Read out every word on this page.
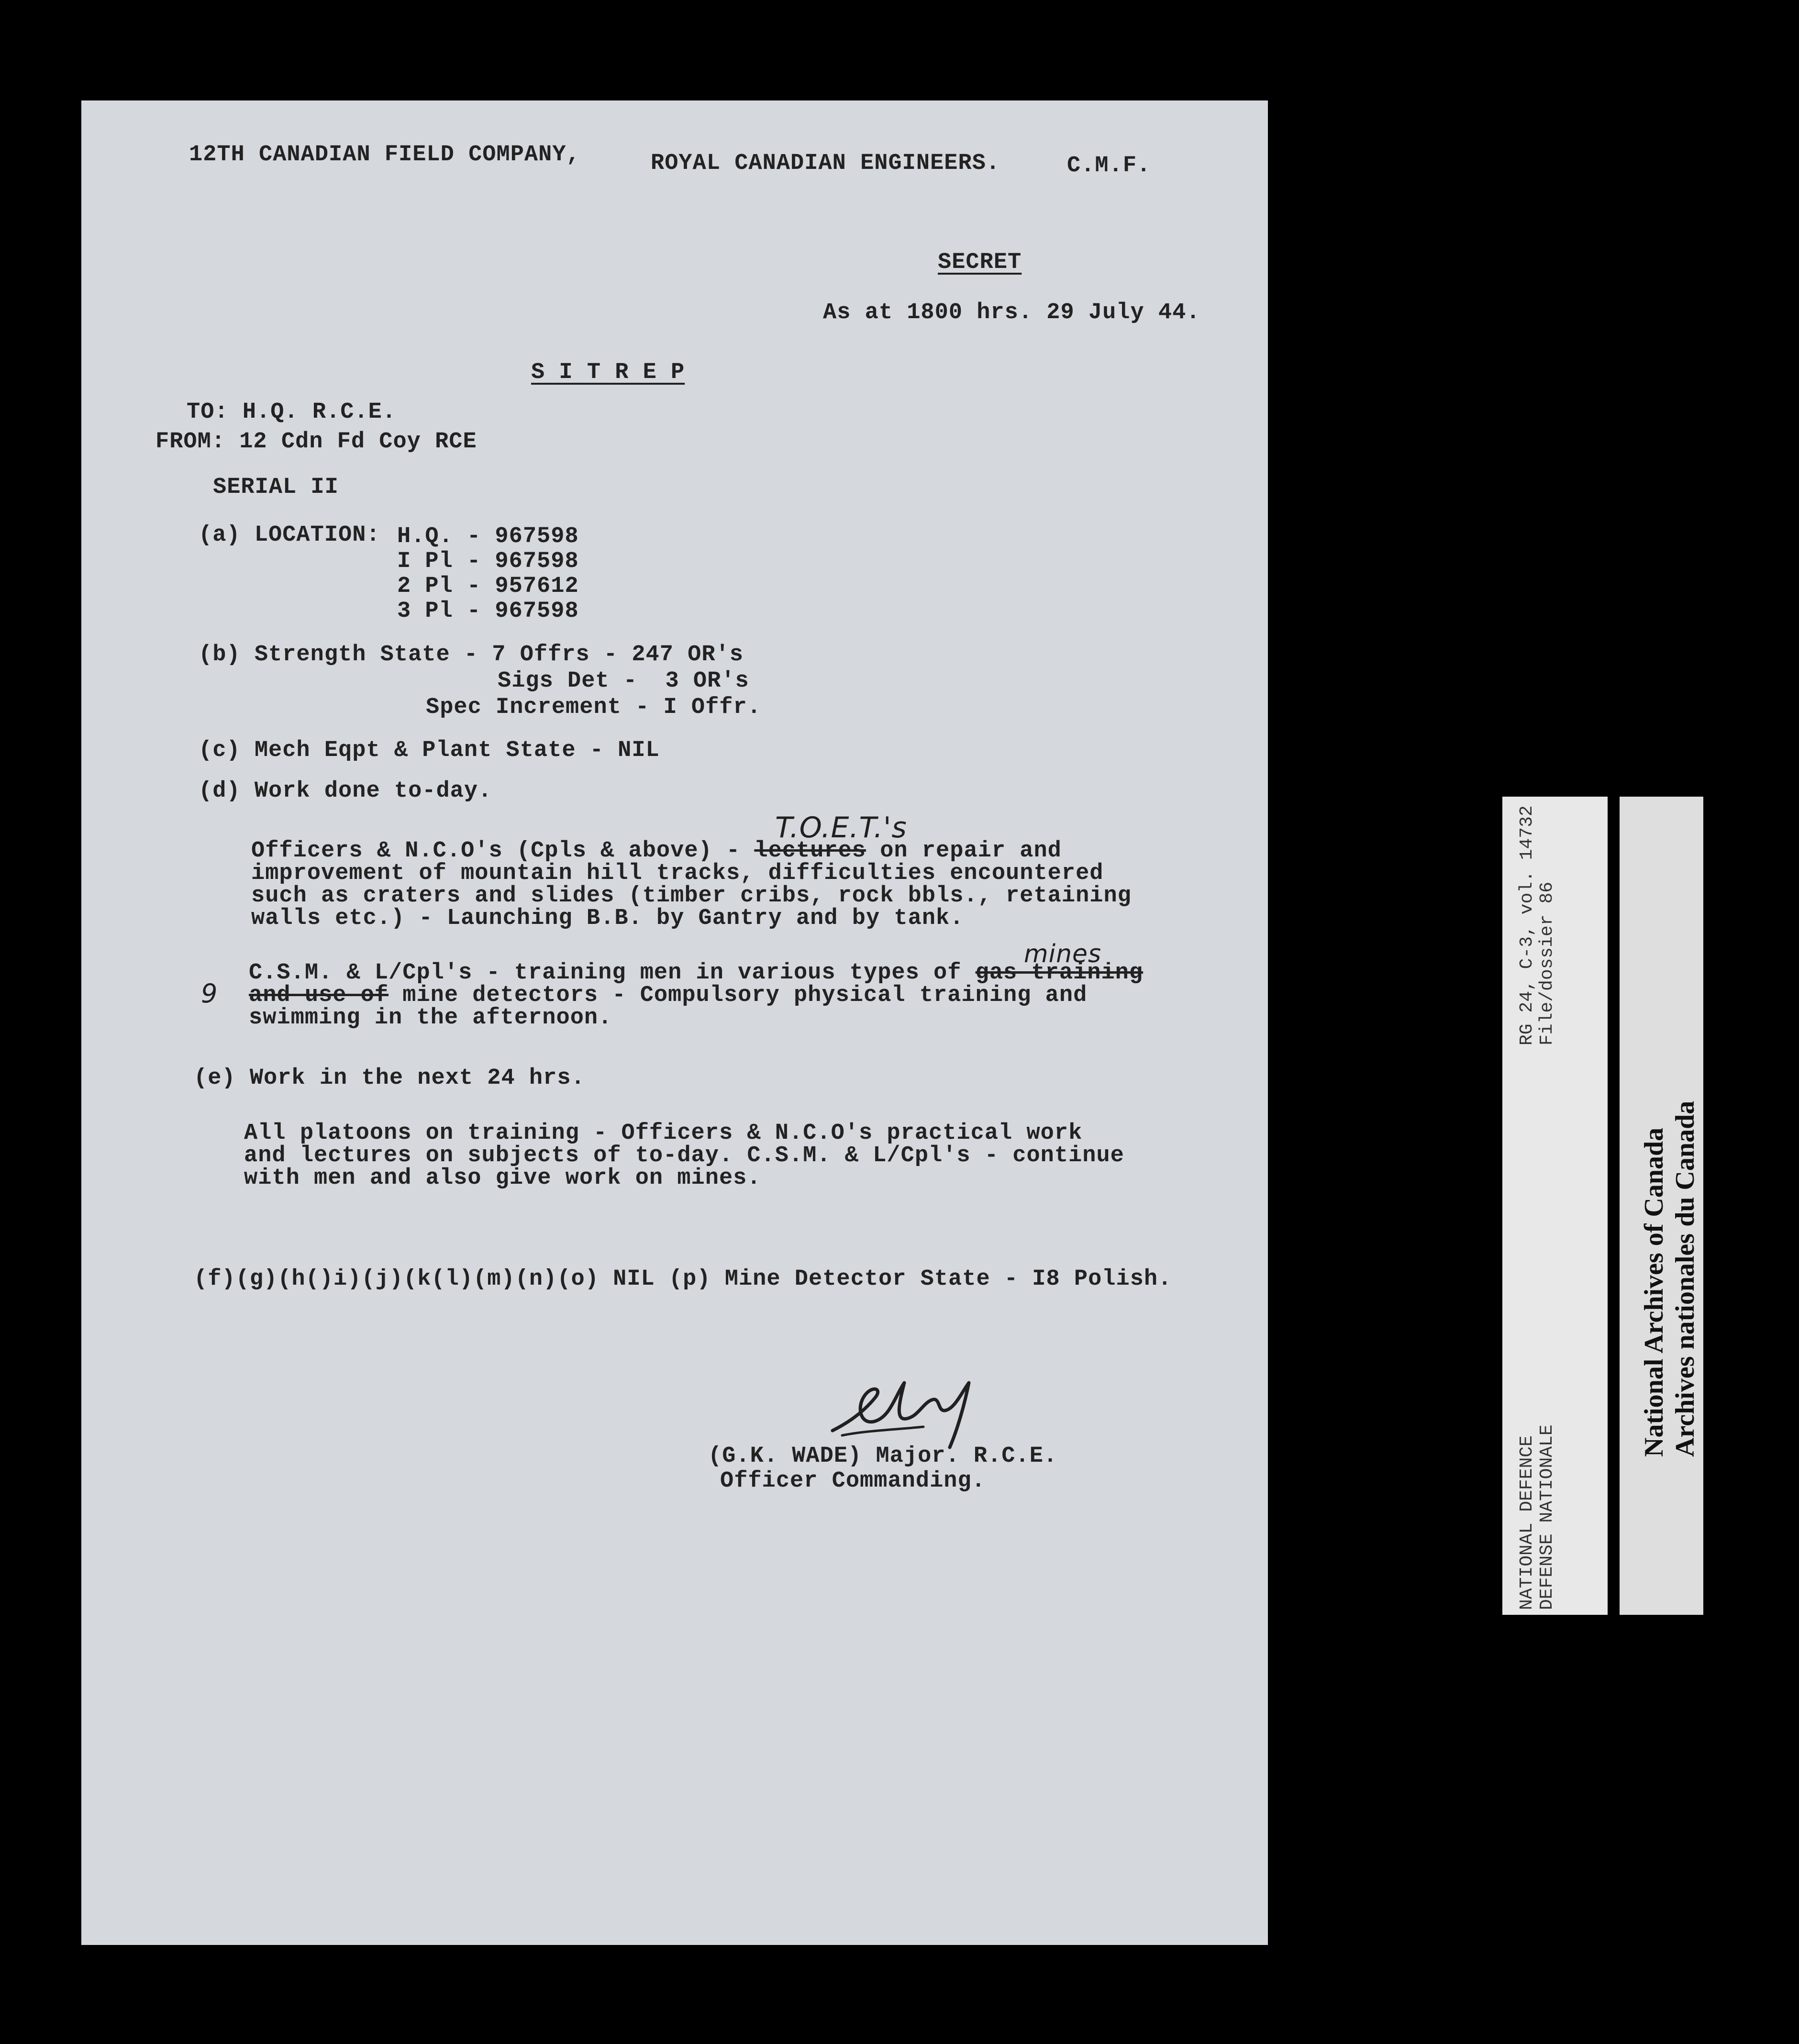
12TH CANADIAN FIELD COMPANY,	ROYAL CANADIAN ENGINEERS.	C.M.F.
SECRET
As at 1800 hrs. 29 July 44.
S I T R E P
TO: H.Q. R.C.E.
FROM: 12 Cdn Fd Coy RCE
SERIAL II
(a) LOCATION: H.Q. - 967598
I Pl - 967598
2 Pl - 957612
3 Pl - 967598
(b) Strength State - 7 Offrs - 247 OR's
Sigs Det -  3 OR's
Spec Increment - I Offr.
(c) Mech Eqpt & Plant State - NIL
(d) Work done to-day.
T.O.E.T.'s
Officers & N.C.O's (Cpls & above) - lectures on repair and
improvement of mountain hill tracks, difficulties encountered
such as craters and slides (timber cribs, rock bbls., retaining
walls etc.) - Launching B.B. by Gantry and by tank.
mines
9
C.S.M. & L/Cpl's - training men in various types of gas training
and use of mine detectors - Compulsory physical training and
swimming in the afternoon.
(e) Work in the next 24 hrs.
All platoons on training - Officers & N.C.O's practical work
and lectures on subjects of to-day. C.S.M. & L/Cpl's - continue
with men and also give work on mines.
(f)(g)(h()i)(j)(k(l)(m)(n)(o) NIL (p) Mine Detector State - I8 Polish.
(G.K. WADE) Major. R.C.E.
Officer Commanding.
RG 24, C-3, vol. 14732 File/dossier 86
NATIONAL DEFENCE DEFENSE NATIONALE
National Archives of Canada Archives nationales du Canada
